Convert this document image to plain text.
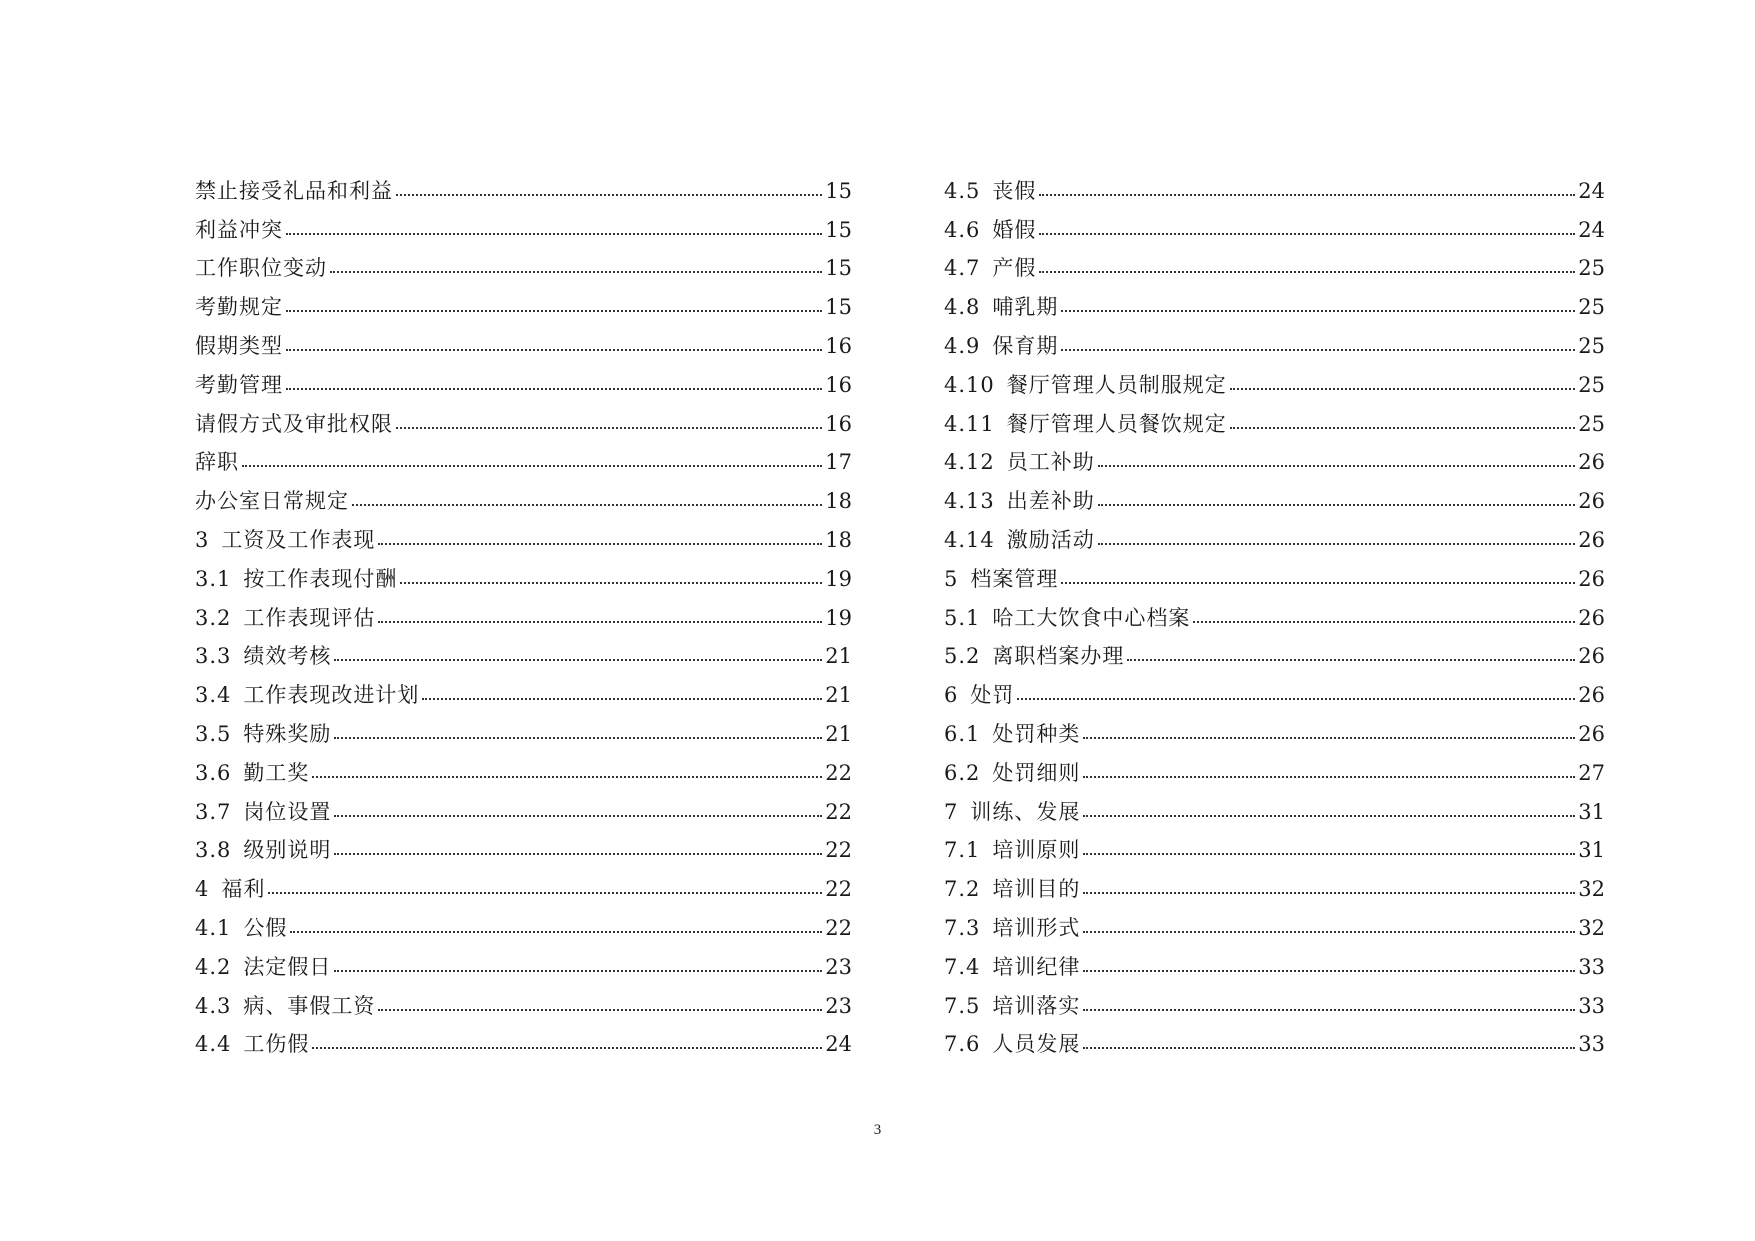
禁止接受礼品和利益	15
利益冲突	15
工作职位变动	15
考勤规定	15
假期类型	16
考勤管理	16
请假方式及审批权限	16
辞职	17
办公室日常规定	18
3 工资及工作表现	18
3.1 按工作表现付酬	19
3.2 工作表现评估	19
3.3 绩效考核	21
3.4 工作表现改进计划	21
3.5 特殊奖励	21
3.6 勤工奖	22
3.7 岗位设置	22
3.8 级别说明	22
4 福利	22
4.1 公假	22
4.2 法定假日	23
4.3 病、事假工资	23
4.4 工伤假	24
4.5 丧假	24
4.6 婚假	24
4.7 产假	25
4.8 哺乳期	25
4.9 保育期	25
4.10 餐厅管理人员制服规定	25
4.11 餐厅管理人员餐饮规定	25
4.12 员工补助	26
4.13 出差补助	26
4.14 激励活动	26
5 档案管理	26
5.1 哈工大饮食中心档案	26
5.2 离职档案办理	26
6 处罚	26
6.1 处罚种类	26
6.2 处罚细则	27
7 训练、发展	31
7.1 培训原则	31
7.2 培训目的	32
7.3 培训形式	32
7.4 培训纪律	33
7.5 培训落实	33
7.6 人员发展	33
3
